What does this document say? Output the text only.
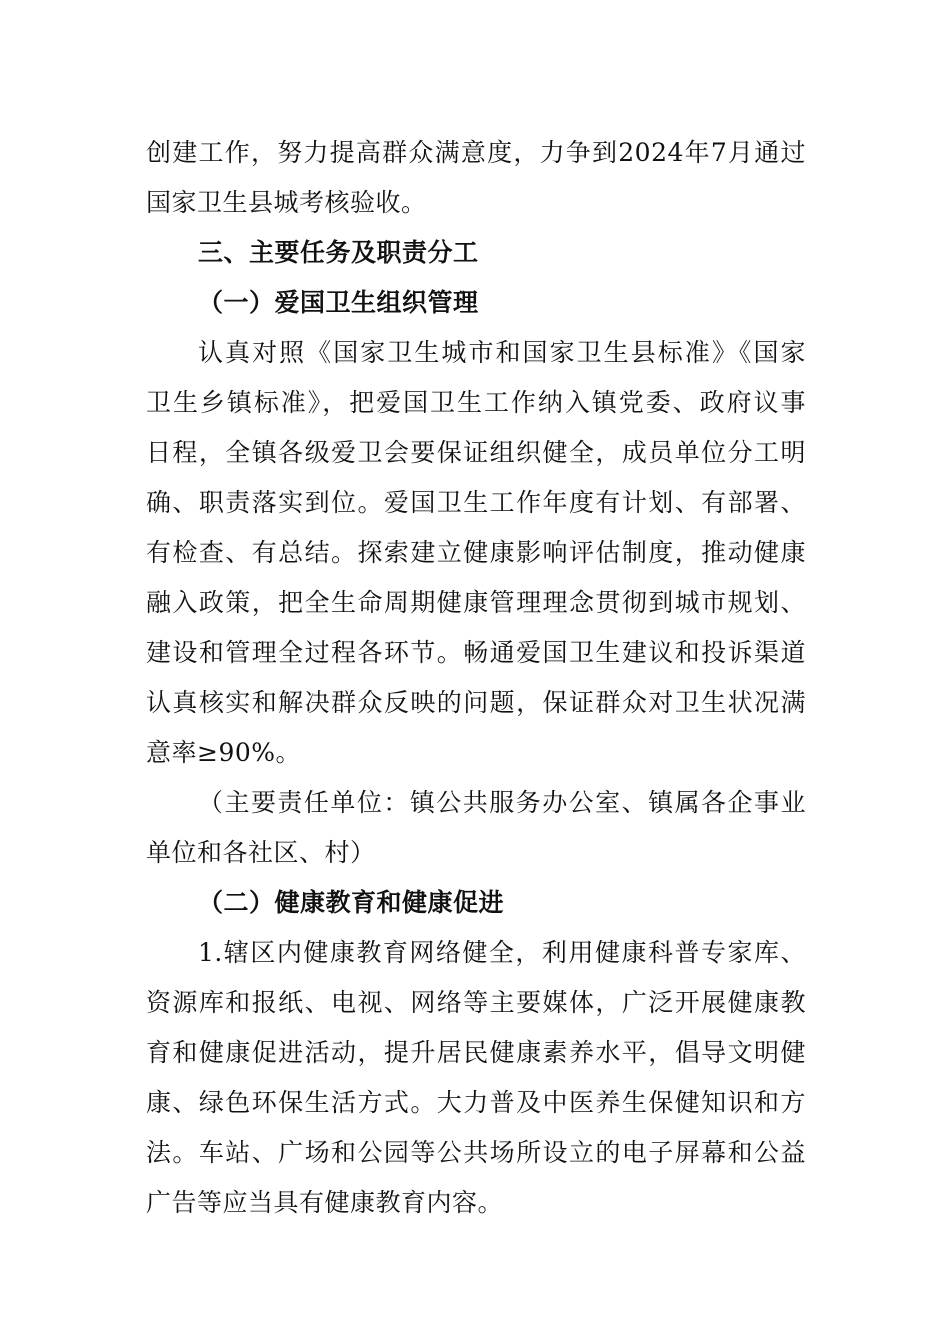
创建工作，努力提高群众满意度，力争到2024年7月通过
国家卫生县城考核验收。
三、主要任务及职责分工
（一）爱国卫生组织管理
认真对照《国家卫生城市和国家卫生县标准》《国家
卫生乡镇标准》，把爱国卫生工作纳入镇党委、政府议事
日程，全镇各级爱卫会要保证组织健全，成员单位分工明
确、职责落实到位。爱国卫生工作年度有计划、有部署、
有检查、有总结。探索建立健康影响评估制度，推动健康
融入政策，把全生命周期健康管理理念贯彻到城市规划、
建设和管理全过程各环节。畅通爱国卫生建议和投诉渠道
认真核实和解决群众反映的问题，保证群众对卫生状况满
意率≥90%。
（主要责任单位：镇公共服务办公室、镇属各企事业
单位和各社区、村）
（二）健康教育和健康促进
1.辖区内健康教育网络健全，利用健康科普专家库、
资源库和报纸、电视、网络等主要媒体，广泛开展健康教
育和健康促进活动，提升居民健康素养水平，倡导文明健
康、绿色环保生活方式。大力普及中医养生保健知识和方
法。车站、广场和公园等公共场所设立的电子屏幕和公益
广告等应当具有健康教育内容。
